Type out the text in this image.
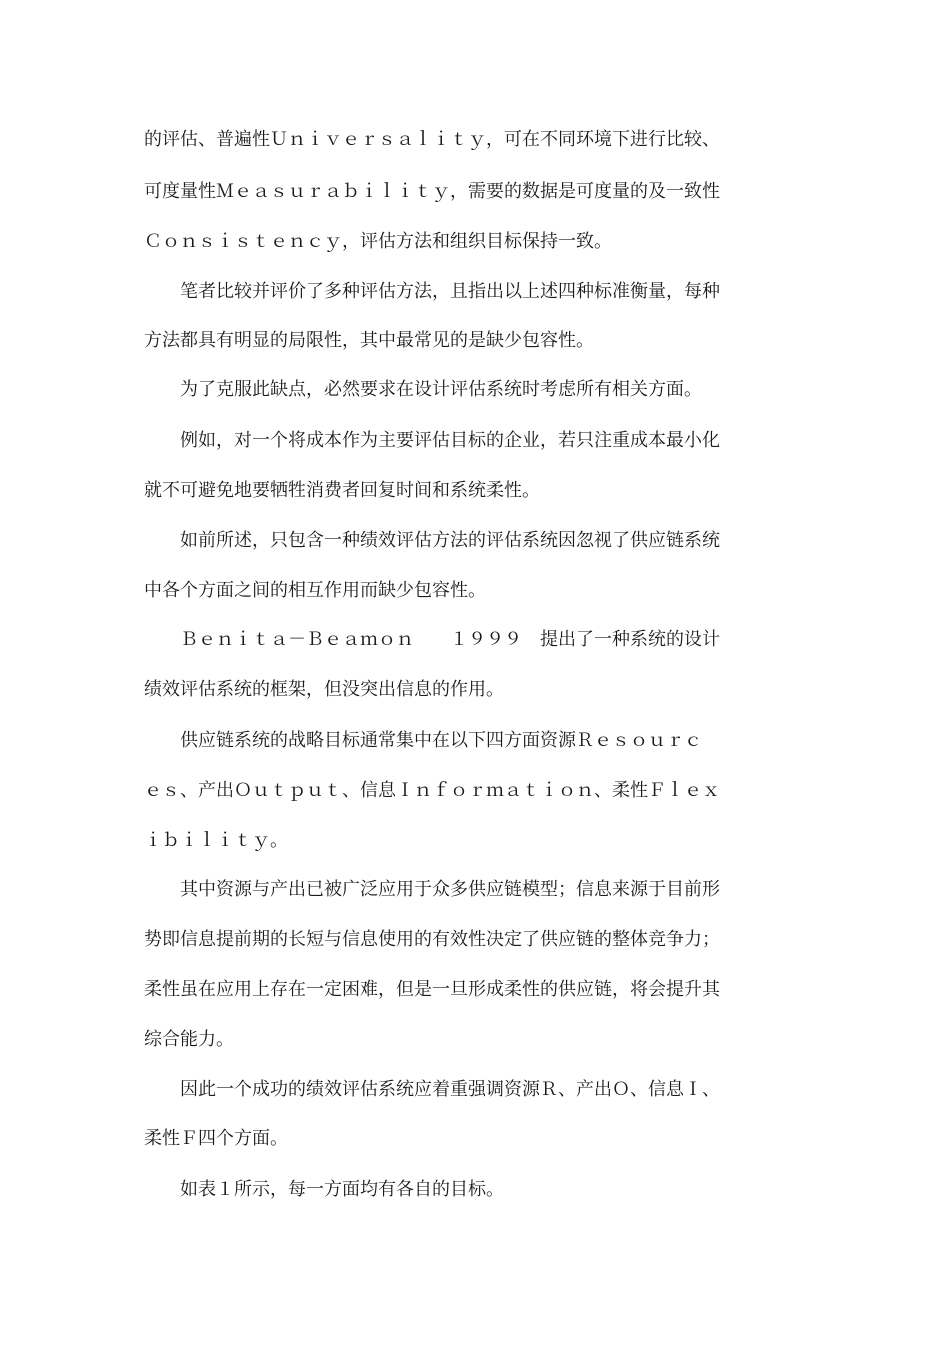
的评估、普遍性Ｕｎｉｖｅｒｓａｌｉｔｙ，可在不同环境下进行比较、
可度量性Ｍｅａｓｕｒａｂｉｌｉｔｙ，需要的数据是可度量的及一致性
Ｃｏｎｓｉｓｔｅｎｃｙ，评估方法和组织目标保持一致。
　　笔者比较并评价了多种评估方法，且指出以上述四种标准衡量，每种
方法都具有明显的局限性，其中最常见的是缺少包容性。
　　为了克服此缺点，必然要求在设计评估系统时考虑所有相关方面。
　　例如，对一个将成本作为主要评估目标的企业，若只注重成本最小化
就不可避免地要牺牲消费者回复时间和系统柔性。
　　如前所述，只包含一种绩效评估方法的评估系统因忽视了供应链系统
中各个方面之间的相互作用而缺少包容性。
　　Ｂｅｎｉｔａ－Ｂｅａｍｏｎ　　１９９９　提出了一种系统的设计
绩效评估系统的框架，但没突出信息的作用。
　　供应链系统的战略目标通常集中在以下四方面资源Ｒｅｓｏｕｒｃ
ｅｓ、产出Ｏｕｔｐｕｔ、信息Ｉｎｆｏｒｍａｔｉｏｎ、柔性Ｆｌｅｘ
ｉｂｉｌｉｔｙ。
　　其中资源与产出已被广泛应用于众多供应链模型；信息来源于目前形
势即信息提前期的长短与信息使用的有效性决定了供应链的整体竞争力；
柔性虽在应用上存在一定困难，但是一旦形成柔性的供应链，将会提升其
综合能力。
　　因此一个成功的绩效评估系统应着重强调资源Ｒ、产出Ｏ、信息Ｉ、
柔性Ｆ四个方面。
　　如表１所示，每一方面均有各自的目标。
